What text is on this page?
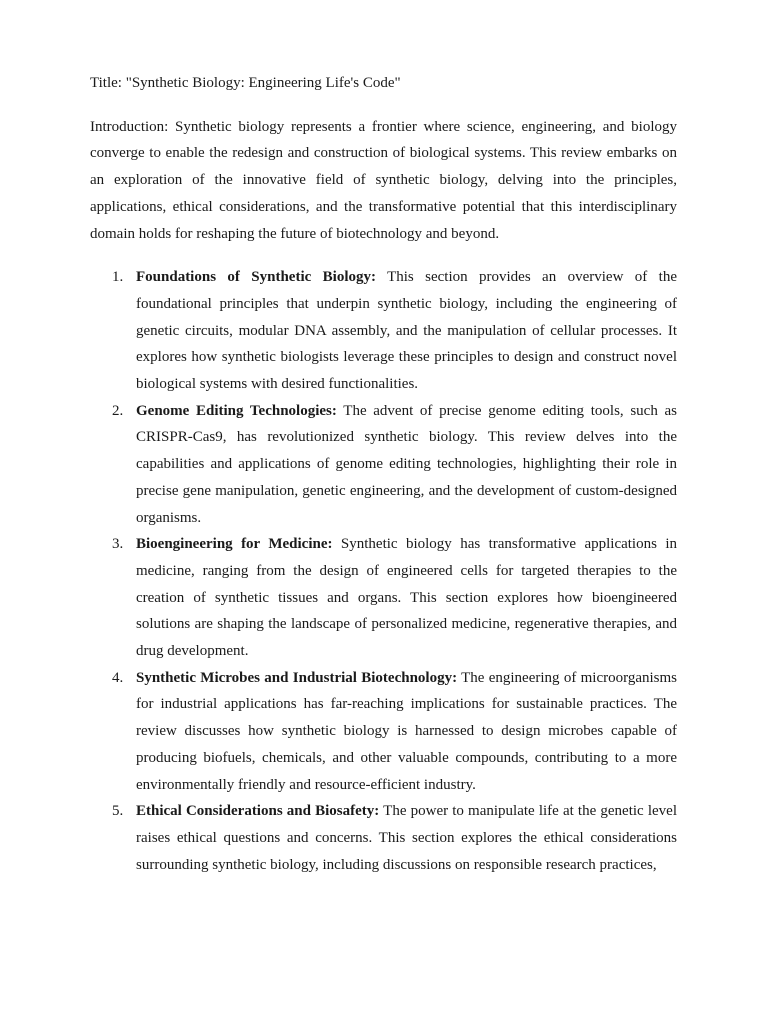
Title: "Synthetic Biology: Engineering Life's Code"

Introduction: Synthetic biology represents a frontier where science, engineering, and biology converge to enable the redesign and construction of biological systems. This review embarks on an exploration of the innovative field of synthetic biology, delving into the principles, applications, ethical considerations, and the transformative potential that this interdisciplinary domain holds for reshaping the future of biotechnology and beyond.

1. Foundations of Synthetic Biology: This section provides an overview of the foundational principles that underpin synthetic biology, including the engineering of genetic circuits, modular DNA assembly, and the manipulation of cellular processes. It explores how synthetic biologists leverage these principles to design and construct novel biological systems with desired functionalities.
2. Genome Editing Technologies: The advent of precise genome editing tools, such as CRISPR-Cas9, has revolutionized synthetic biology. This review delves into the capabilities and applications of genome editing technologies, highlighting their role in precise gene manipulation, genetic engineering, and the development of custom-designed organisms.
3. Bioengineering for Medicine: Synthetic biology has transformative applications in medicine, ranging from the design of engineered cells for targeted therapies to the creation of synthetic tissues and organs. This section explores how bioengineered solutions are shaping the landscape of personalized medicine, regenerative therapies, and drug development.
4. Synthetic Microbes and Industrial Biotechnology: The engineering of microorganisms for industrial applications has far-reaching implications for sustainable practices. The review discusses how synthetic biology is harnessed to design microbes capable of producing biofuels, chemicals, and other valuable compounds, contributing to a more environmentally friendly and resource-efficient industry.
5. Ethical Considerations and Biosafety: The power to manipulate life at the genetic level raises ethical questions and concerns. This section explores the ethical considerations surrounding synthetic biology, including discussions on responsible research practices,
